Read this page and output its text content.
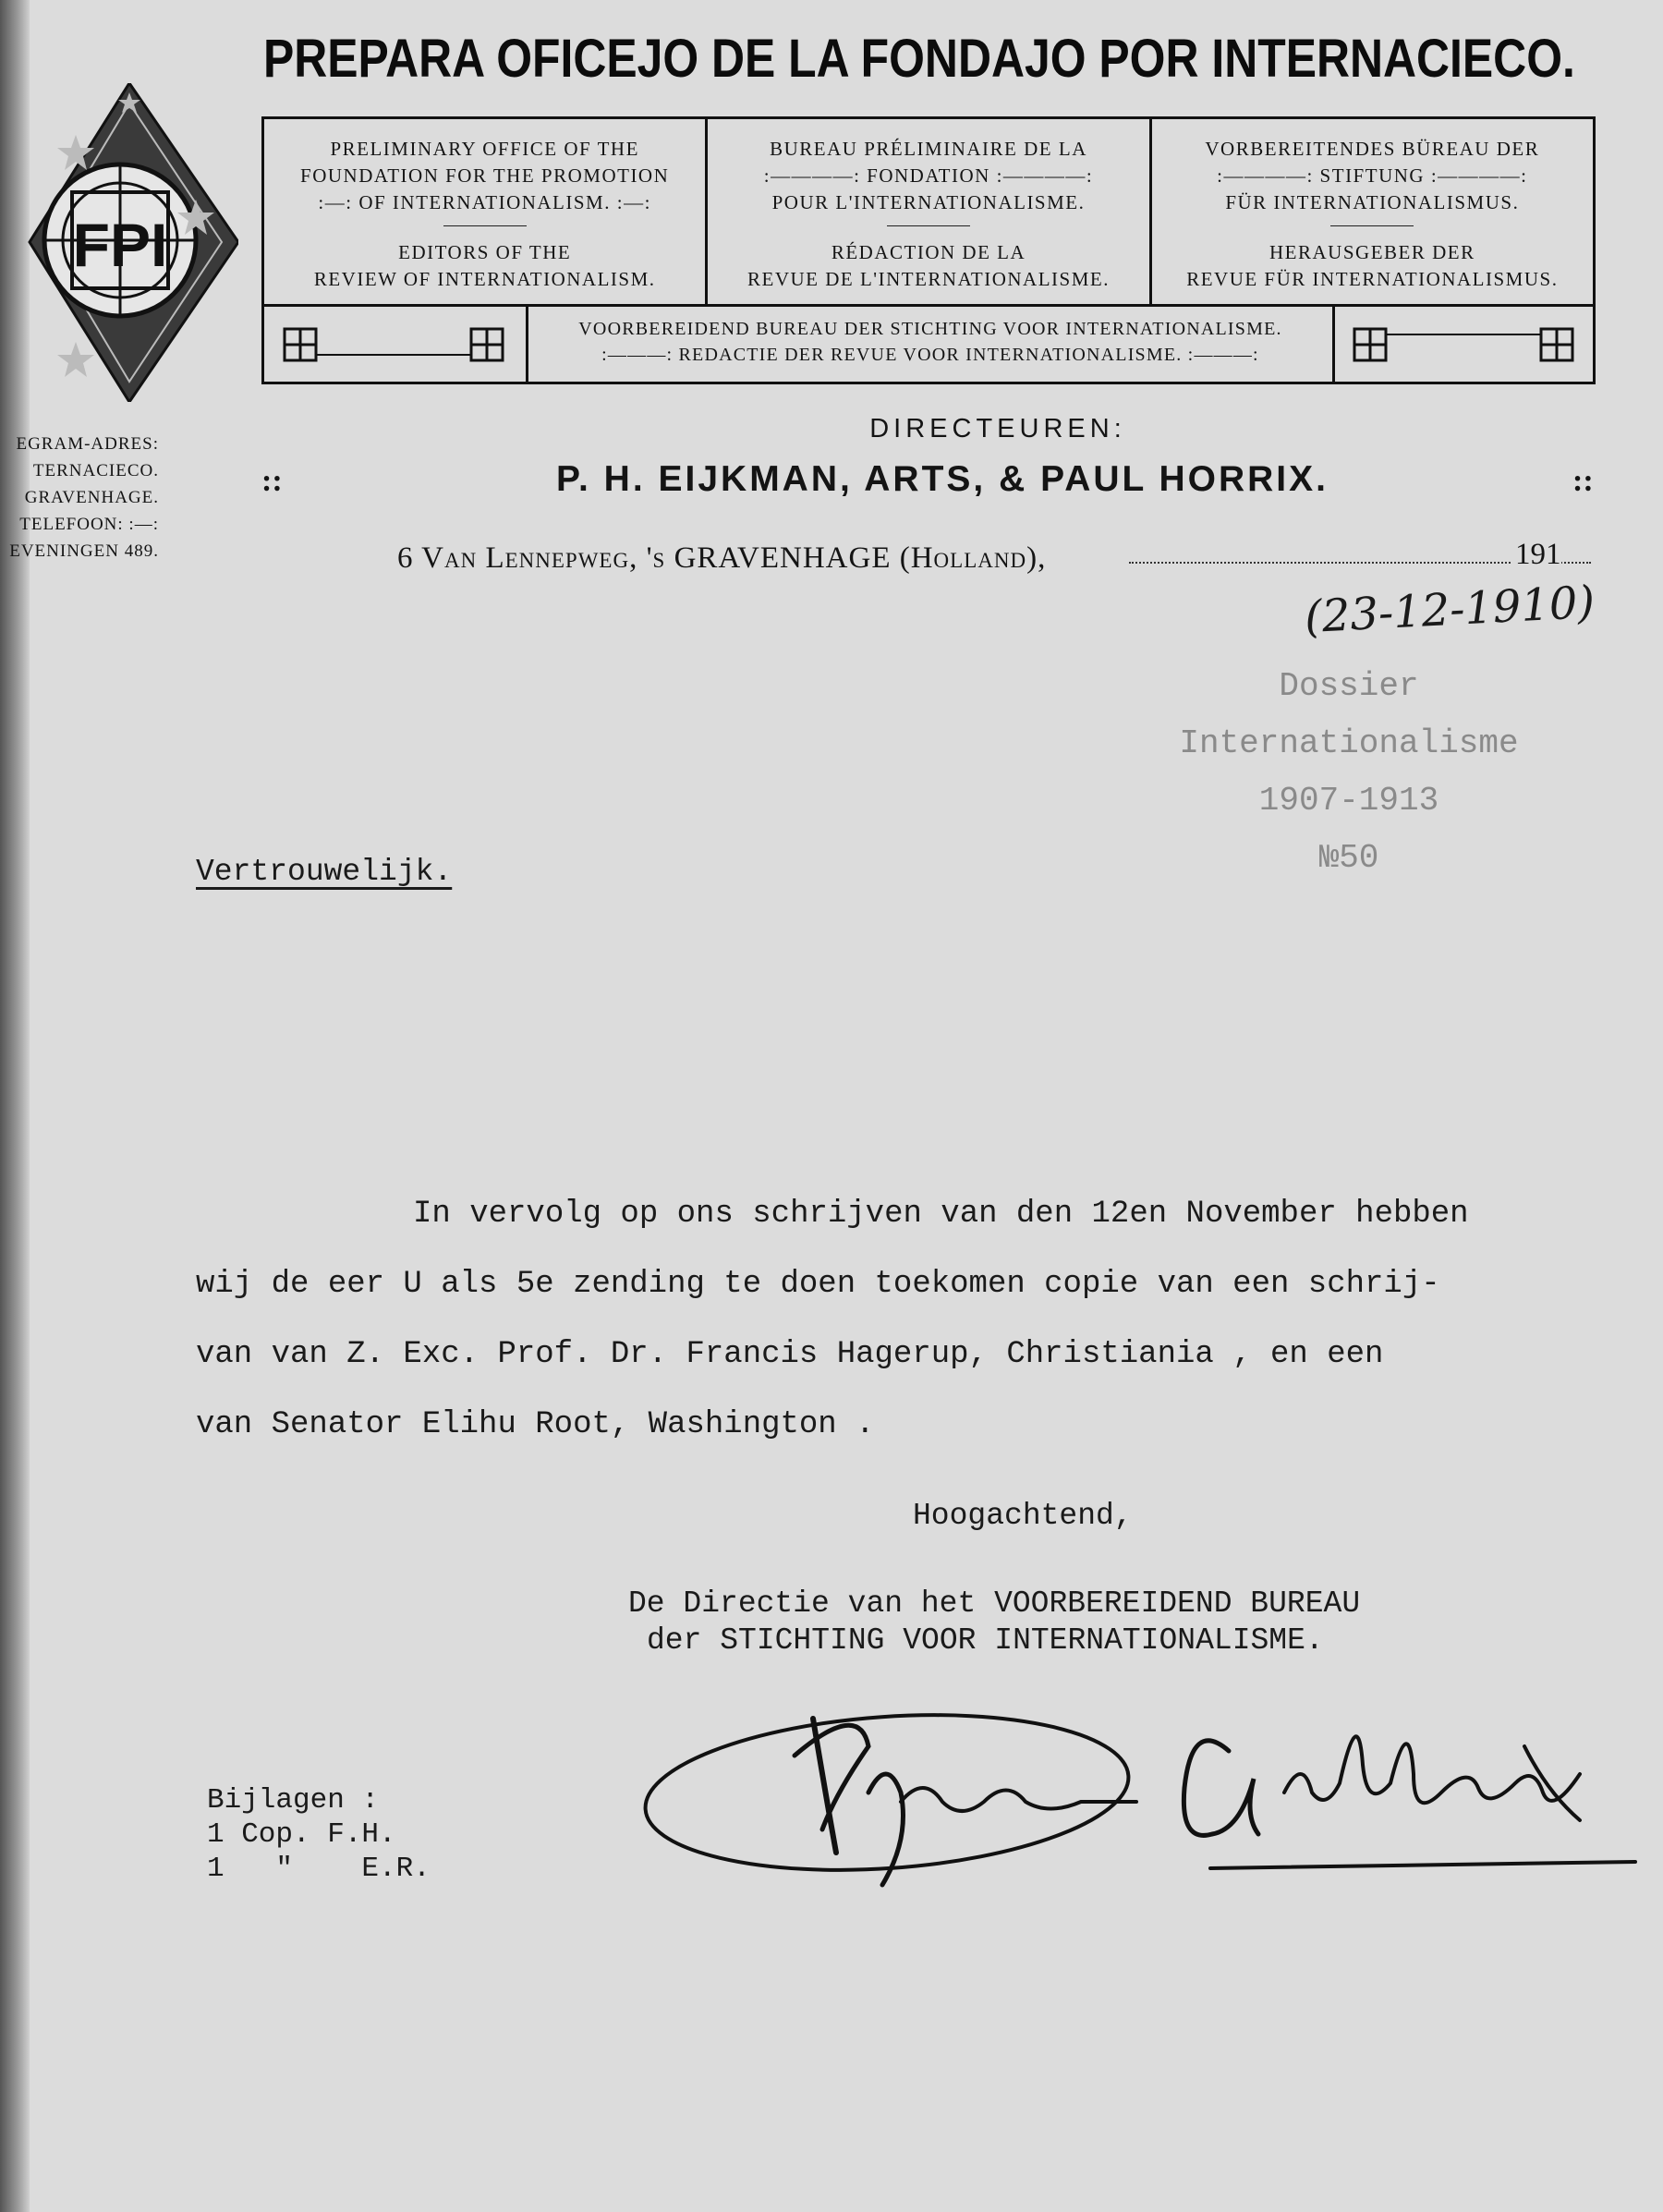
PREPARA OFICEJO DE LA FONDAJO POR INTERNACIECO.
FPI
PRELIMINARY OFFICE OF THE
FOUNDATION FOR THE PROMOTION
:—: OF INTERNATIONALISM. :—:
EDITORS OF THE
REVIEW OF INTERNATIONALISM.
BUREAU PRÉLIMINAIRE DE LA
:————: FONDATION :————:
POUR L'INTERNATIONALISME.
RÉDACTION DE LA
REVUE DE L'INTERNATIONALISME.
VORBEREITENDES BÜREAU DER
:————: STIFTUNG :————:
FÜR INTERNATIONALISMUS.
HERAUSGEBER DER
REVUE FÜR INTERNATIONALISMUS.
VOORBEREIDEND BUREAU DER STICHTING VOOR INTERNATIONALISME.
:———: REDACTIE DER REVUE VOOR INTERNATIONALISME. :———:
EGRAM-ADRES:
TERNACIECO.
GRAVENHAGE.
TELEFOON: :—:
EVENINGEN 489.
DIRECTEUREN:
::	P. H. EIJKMAN, ARTS, & PAUL HORRIX.	::
6 Van Lennepweg, 's GRAVENHAGE (Holland),	191
(23-12-1910)
Dossier
Internationalisme
1907-1913
№50
Vertrouwelijk.
In vervolg op ons schrijven van den 12en November hebben
wij de eer U als 5e zending te doen toekomen copie van een schrij-
van van Z. Exc. Prof. Dr. Francis Hagerup, Christiania , en een
van Senator Elihu Root, Washington .
Hoogachtend,
De Directie van het VOORBEREIDEND BUREAU
der STICHTING VOOR INTERNATIONALISME.
Bijlagen :
1 Cop. F.H.
1   "    E.R.
